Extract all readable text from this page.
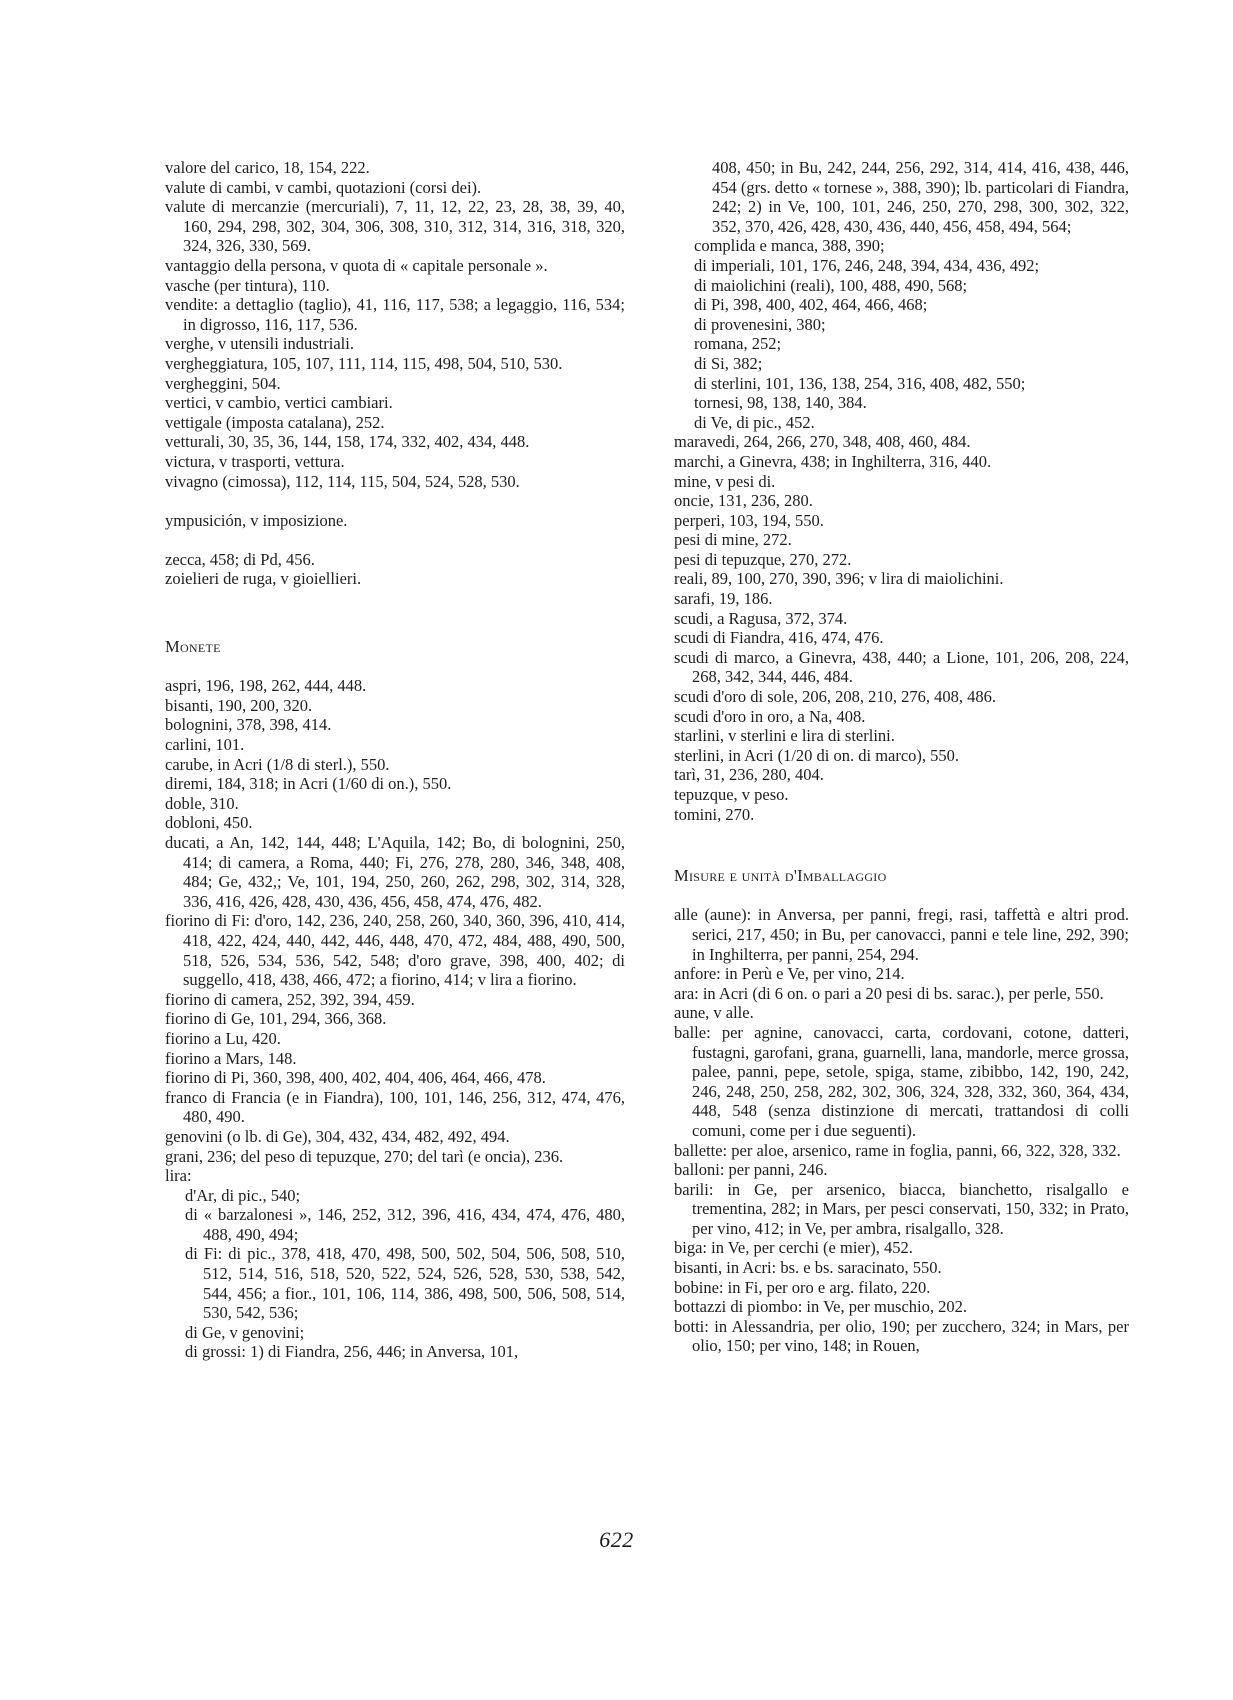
valore del carico, 18, 154, 222.
valute di cambi, v cambi, quotazioni (corsi dei).
valute di mercanzie (mercuriali), 7, 11, 12, 22, 23, 28, 38, 39, 40, 160, 294, 298, 302, 304, 306, 308, 310, 312, 314, 316, 318, 320, 324, 326, 330, 569.
vantaggio della persona, v quota di « capitale personale ».
vasche (per tintura), 110.
vendite: a dettaglio (taglio), 41, 116, 117, 538; a legaggio, 116, 534; in digrosso, 116, 117, 536.
verghe, v utensili industriali.
vergheggiatura, 105, 107, 111, 114, 115, 498, 504, 510, 530.
vergheggini, 504.
vertici, v cambio, vertici cambiari.
vettigale (imposta catalana), 252.
vetturali, 30, 35, 36, 144, 158, 174, 332, 402, 434, 448.
victura, v trasporti, vettura.
vivagno (cimossa), 112, 114, 115, 504, 524, 528, 530.
ympusición, v imposizione.
zecca, 458; di Pd, 456.
zoielieri de ruga, v gioiellieri.
Monete
aspri, 196, 198, 262, 444, 448.
bisanti, 190, 200, 320.
bolognini, 378, 398, 414.
carlini, 101.
carube, in Acri (1/8 di sterl.), 550.
diremi, 184, 318; in Acri (1/60 di on.), 550.
doble, 310.
dobloni, 450.
ducati, a An, 142, 144, 448; L'Aquila, 142; Bo, di bolognini, 250, 414; di camera, a Roma, 440; Fi, 276, 278, 280, 346, 348, 408, 484; Ge, 432,; Ve, 101, 194, 250, 260, 262, 298, 302, 314, 328, 336, 416, 426, 428, 430, 436, 456, 458, 474, 476, 482.
fiorino di Fi: d'oro, 142, 236, 240, 258, 260, 340, 360, 396, 410, 414, 418, 422, 424, 440, 442, 446, 448, 470, 472, 484, 488, 490, 500, 518, 526, 534, 536, 542, 548; d'oro grave, 398, 400, 402; di suggello, 418, 438, 466, 472; a fiorino, 414; v lira a fiorino.
fiorino di camera, 252, 392, 394, 459.
fiorino di Ge, 101, 294, 366, 368.
fiorino a Lu, 420.
fiorino a Mars, 148.
fiorino di Pi, 360, 398, 400, 402, 404, 406, 464, 466, 478.
franco di Francia (e in Fiandra), 100, 101, 146, 256, 312, 474, 476, 480, 490.
genovini (o lb. di Ge), 304, 432, 434, 482, 492, 494.
grani, 236; del peso di tepuzque, 270; del tarì (e oncia), 236.
lira:
d'Ar, di pic., 540;
di « barzalonesi », 146, 252, 312, 396, 416, 434, 474, 476, 480, 488, 490, 494;
di Fi: di pic., 378, 418, 470, 498, 500, 502, 504, 506, 508, 510, 512, 514, 516, 518, 520, 522, 524, 526, 528, 530, 538, 542, 544, 456; a fior., 101, 106, 114, 386, 498, 500, 506, 508, 514, 530, 542, 536;
di Ge, v genovini;
di grossi: 1) di Fiandra, 256, 446; in Anversa, 101,
408, 450; in Bu, 242, 244, 256, 292, 314, 414, 416, 438, 446, 454 (grs. detto « tornese », 388, 390); lb. particolari di Fiandra, 242; 2) in Ve, 100, 101, 246, 250, 270, 298, 300, 302, 322, 352, 370, 426, 428, 430, 436, 440, 456, 458, 494, 564;
complida e manca, 388, 390;
di imperiali, 101, 176, 246, 248, 394, 434, 436, 492;
di maiolichini (reali), 100, 488, 490, 568;
di Pi, 398, 400, 402, 464, 466, 468;
di provenesini, 380;
romana, 252;
di Si, 382;
di sterlini, 101, 136, 138, 254, 316, 408, 482, 550;
tornesi, 98, 138, 140, 384.
di Ve, di pic., 452.
maravedi, 264, 266, 270, 348, 408, 460, 484.
marchi, a Ginevra, 438; in Inghilterra, 316, 440.
mine, v pesi di.
oncie, 131, 236, 280.
perperi, 103, 194, 550.
pesi di mine, 272.
pesi di tepuzque, 270, 272.
reali, 89, 100, 270, 390, 396; v lira di maiolichini.
sarafi, 19, 186.
scudi, a Ragusa, 372, 374.
scudi di Fiandra, 416, 474, 476.
scudi di marco, a Ginevra, 438, 440; a Lione, 101, 206, 208, 224, 268, 342, 344, 446, 484.
scudi d'oro di sole, 206, 208, 210, 276, 408, 486.
scudi d'oro in oro, a Na, 408.
starlini, v sterlini e lira di sterlini.
sterlini, in Acri (1/20 di on. di marco), 550.
tarì, 31, 236, 280, 404.
tepuzque, v peso.
tomini, 270.
Misure e unità d'Imballaggio
alle (aune): in Anversa, per panni, fregi, rasi, taffettà e altri prod. serici, 217, 450; in Bu, per canovacci, panni e tele line, 292, 390; in Inghilterra, per panni, 254, 294.
anfore: in Perù e Ve, per vino, 214.
ara: in Acri (di 6 on. o pari a 20 pesi di bs. sarac.), per perle, 550.
aune, v alle.
balle: per agnine, canovacci, carta, cordovani, cotone, datteri, fustagni, garofani, grana, guarnelli, lana, mandorle, merce grossa, palee, panni, pepe, setole, spiga, stame, zibibbo, 142, 190, 242, 246, 248, 250, 258, 282, 302, 306, 324, 328, 332, 360, 364, 434, 448, 548 (senza distinzione di mercati, trattandosi di colli comuni, come per i due seguenti).
ballette: per aloe, arsenico, rame in foglia, panni, 66, 322, 328, 332.
balloni: per panni, 246.
barili: in Ge, per arsenico, biacca, bianchetto, risalgallo e trementina, 282; in Mars, per pesci conservati, 150, 332; in Prato, per vino, 412; in Ve, per ambra, risalgallo, 328.
biga: in Ve, per cerchi (e mier), 452.
bisanti, in Acri: bs. e bs. saracinato, 550.
bobine: in Fi, per oro e arg. filato, 220.
bottazzi di piombo: in Ve, per muschio, 202.
botti: in Alessandria, per olio, 190; per zucchero, 324; in Mars, per olio, 150; per vino, 148; in Rouen,
622
